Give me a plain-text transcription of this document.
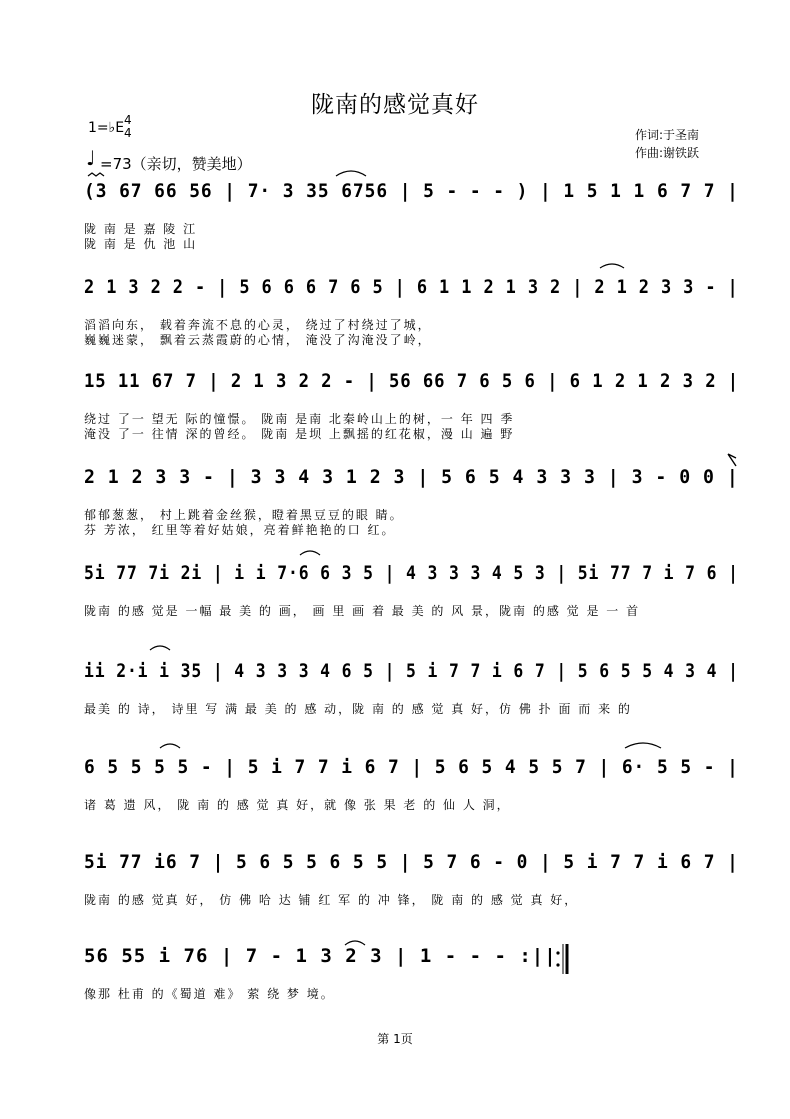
陇南的感觉真好
1=♭E 4
4
♩ =73（亲切，赞美地）
作词:于圣南
作曲:谢铁跃
(3 67 66 56 | 7· 3 35 6756 | 5 - - - ) | 1 5 1 1 6 7 7 |
陇 南 是 嘉 陵 江
陇 南 是 仇 池 山
2 1 3 2 2 - | 5 6 6 6 7 6 5 | 6 1 1 2 1 3 2 | 2 1 2 3 3 - |
滔滔向东， 载着奔流不息的心灵， 绕过了村绕过了城，
巍巍迷蒙， 飘着云蒸霞蔚的心情， 淹没了沟淹没了岭，
15 11 67 7 | 2 1 3 2 2 - | 56 66 7 6 5 6 | 6 1 2 1 2 3 2 |
绕过 了一 望无 际的憧憬。 陇南 是南 北秦岭山上的树，一 年 四 季
淹没 了一 往情 深的曾经。 陇南 是坝 上飘摇的红花椒，漫 山 遍 野
2 1 2 3 3 - | 3 3 4 3 1 2 3 | 5 6 5 4 3 3 3 | 3 - 0 0 |
郁郁葱葱， 村上跳着金丝猴，瞪着黑豆豆的眼 睛。
芬 芳浓， 红里等着好姑娘，亮着鲜艳艳的口 红。
5i 77 7i 2i | i i 7·6 6 3 5 | 4 3 3 3 4 5 3 | 5i 77 7 i 7 6 |
陇南 的感 觉是 一幅 最 美 的 画， 画 里 画 着 最 美 的 风 景，陇南 的感 觉 是 一 首
ii 2·i i 35 | 4 3 3 3 4 6 5 | 5 i 7 7 i 6 7 | 5 6 5 5 4 3 4 |
最美 的 诗， 诗里 写 满 最 美 的 感 动，陇 南 的 感 觉 真 好，仿 佛 扑 面 而 来 的
6 5 5 5 5 - | 5 i 7 7 i 6 7 | 5 6 5 4 5 5 7 | 6· 5 5 - |
诸 葛 遗 风， 陇 南 的 感 觉 真 好，就 像 张 果 老 的 仙 人 洞，
5i 77 i6 7 | 5 6 5 5 6 5 5 | 5 7 6 - 0 | 5 i 7 7 i 6 7 |
陇南 的感 觉真 好， 仿 佛 哈 达 铺 红 军 的 冲 锋， 陇 南 的 感 觉 真 好，
56 55 i 76 | 7 - 1 3 2 3 | 1 - - - :||
像那 杜甫 的《蜀道 难》 萦 绕 梦 境。
第 1页
